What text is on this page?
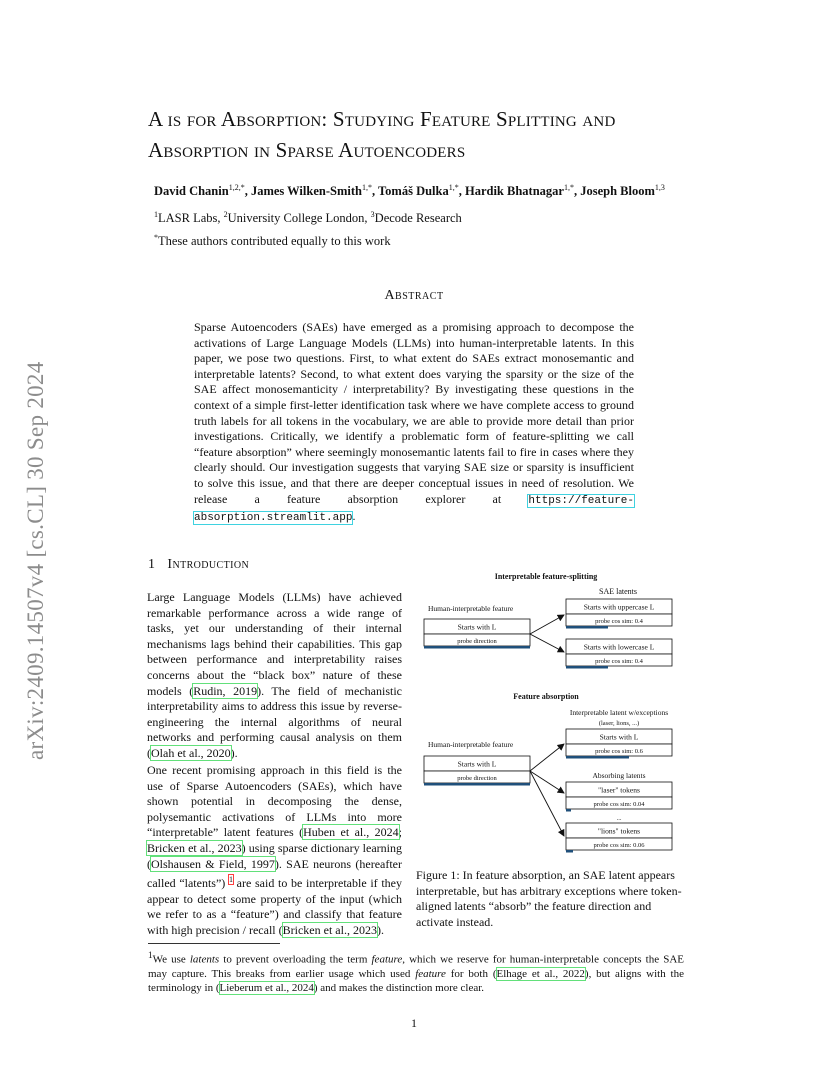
arXiv:2409.14507v4 [cs.CL] 30 Sep 2024
A is for Absorption: Studying Feature Splitting and Absorption in Sparse Autoencoders
David Chanin$^{1,2,*}$, James Wilken-Smith$^{1,*}$, Tomáš Dulka$^{1,*}$, Hardik Bhatnagar$^{1,*}$, Joseph Bloom$^{1,3}$
$^1$LASR Labs, $^2$University College London, $^3$Decode Research
*These authors contributed equally to this work
Abstract
Sparse Autoencoders (SAEs) have emerged as a promising approach to decompose the activations of Large Language Models (LLMs) into human-interpretable latents. In this paper, we pose two questions. First, to what extent do SAEs extract monosemantic and interpretable latents? Second, to what extent does varying the sparsity or the size of the SAE affect monosemanticity / interpretability? By investigating these questions in the context of a simple first-letter identification task where we have complete access to ground truth labels for all tokens in the vocabulary, we are able to provide more detail than prior investigations. Critically, we identify a problematic form of feature-splitting we call “feature absorption” where seemingly monosemantic latents fail to fire in cases where they clearly should. Our investigation suggests that varying SAE size or sparsity is insufficient to solve this issue, and that there are deeper conceptual issues in need of resolution. We release a feature absorption explorer at https://feature-absorption.streamlit.app.
1 Introduction
Large Language Models (LLMs) have achieved remarkable performance across a wide range of tasks, yet our understanding of their internal mechanisms lags behind their capabilities. This gap between performance and interpretability raises concerns about the “black box” nature of these models (Rudin, 2019). The field of mechanistic interpretability aims to address this issue by reverse-engineering the internal algorithms of neural networks and performing causal analysis on them (Olah et al., 2020).
One recent promising approach in this field is the use of Sparse Autoencoders (SAEs), which have shown potential in decomposing the dense, polysemantic activations of LLMs into more “interpretable” latent features (Huben et al., 2024; Bricken et al., 2023) using sparse dictionary learning (Olshausen & Field, 1997). SAE neurons (hereafter called “latents”) $^1$ are said to be interpretable if they appear to detect some property of the input (which we refer to as a “feature”) and classify that feature with high precision / recall (Bricken et al., 2023).
Interpretable feature-splitting
SAE latents
Human-interpretable feature
Starts with L
probe direction
Starts with uppercase L
probe cos sim: 0.4
Starts with lowercase L
probe cos sim: 0.4
Feature absorption
Interpretable latent w/exceptions
(laser, lions, ...)
Starts with L
probe cos sim: 0.6
Human-interpretable feature
Starts with L
probe direction	Absorbing latents
"laser" tokens
probe cos sim: 0.04
...
"lions" tokens
probe cos sim: 0.06
Figure 1: In feature absorption, an SAE latent appears interpretable, but has arbitrary exceptions where token-aligned latents “absorb” the feature direction and activate instead.
$^1$We use latents to prevent overloading the term feature, which we reserve for human-interpretable concepts the SAE may capture. This breaks from earlier usage which used feature for both (Elhage et al., 2022), but aligns with the terminology in (Lieberum et al., 2024) and makes the distinction more clear.
1
